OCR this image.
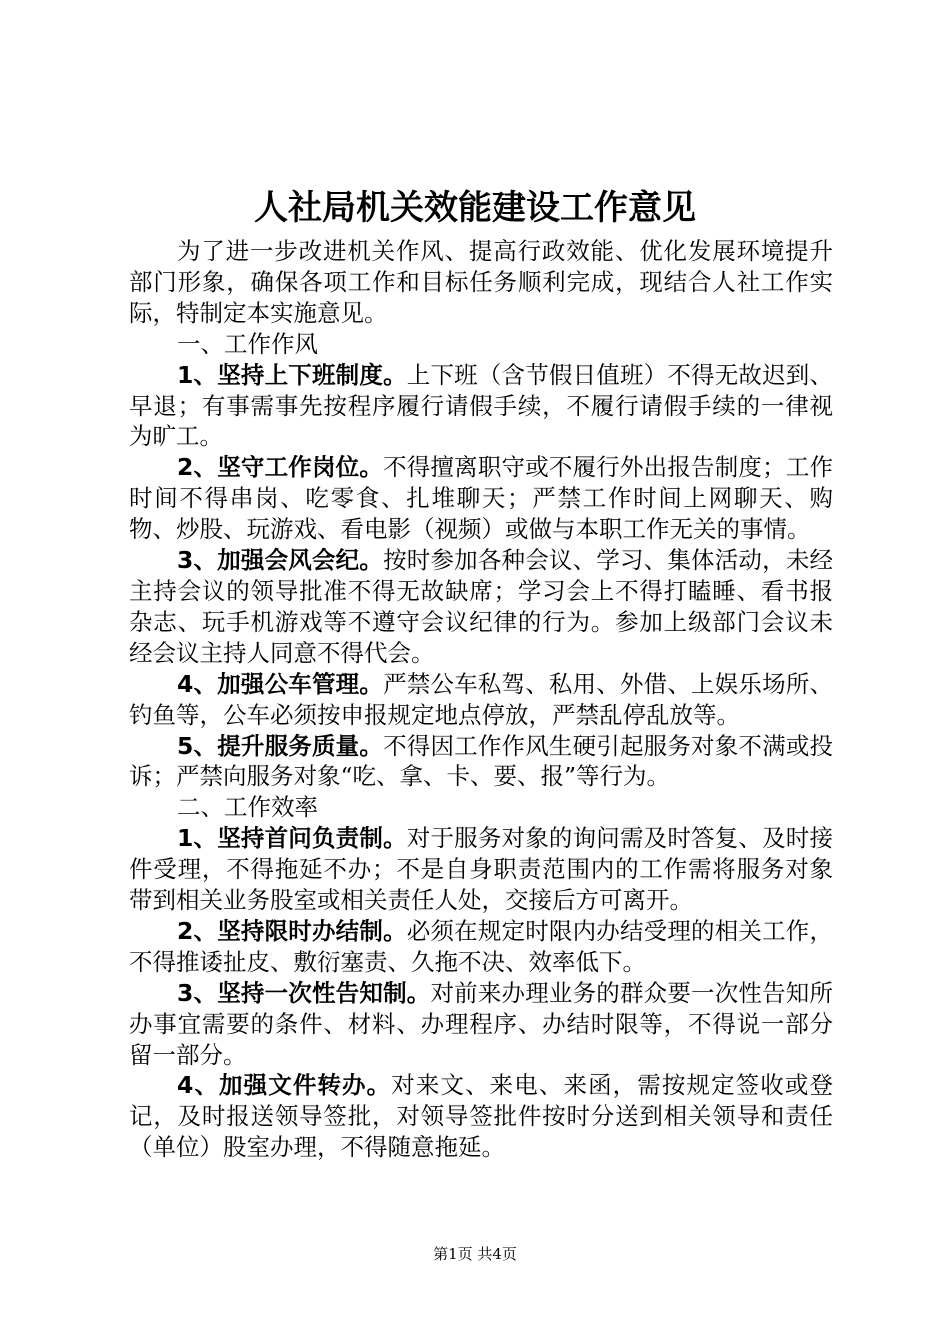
人社局机关效能建设工作意见

为了进一步改进机关作风、提高行政效能、优化发展环境提升部门形象，确保各项工作和目标任务顺利完成，现结合人社工作实际，特制定本实施意见。

一、工作作风

1、坚持上下班制度。上下班（含节假日值班）不得无故迟到、早退；有事需事先按程序履行请假手续，不履行请假手续的一律视为旷工。

2、坚守工作岗位。不得擅离职守或不履行外出报告制度；工作时间不得串岗、吃零食、扎堆聊天；严禁工作时间上网聊天、购物、炒股、玩游戏、看电影（视频）或做与本职工作无关的事情。

3、加强会风会纪。按时参加各种会议、学习、集体活动，未经主持会议的领导批准不得无故缺席；学习会上不得打瞌睡、看书报杂志、玩手机游戏等不遵守会议纪律的行为。参加上级部门会议未经会议主持人同意不得代会。

4、加强公车管理。严禁公车私驾、私用、外借、上娱乐场所、钓鱼等，公车必须按申报规定地点停放，严禁乱停乱放等。

5、提升服务质量。不得因工作作风生硬引起服务对象不满或投诉；严禁向服务对象“吃、拿、卡、要、报”等行为。

二、工作效率

1、坚持首问负责制。对于服务对象的询问需及时答复、及时接件受理，不得拖延不办；不是自身职责范围内的工作需将服务对象带到相关业务股室或相关责任人处，交接后方可离开。

2、坚持限时办结制。必须在规定时限内办结受理的相关工作，不得推诿扯皮、敷衍塞责、久拖不决、效率低下。

3、坚持一次性告知制。对前来办理业务的群众要一次性告知所办事宜需要的条件、材料、办理程序、办结时限等，不得说一部分留一部分。

4、加强文件转办。对来文、来电、来函，需按规定签收或登记，及时报送领导签批，对领导签批件按时分送到相关领导和责任（单位）股室办理，不得随意拖延。

第1页 共4页
